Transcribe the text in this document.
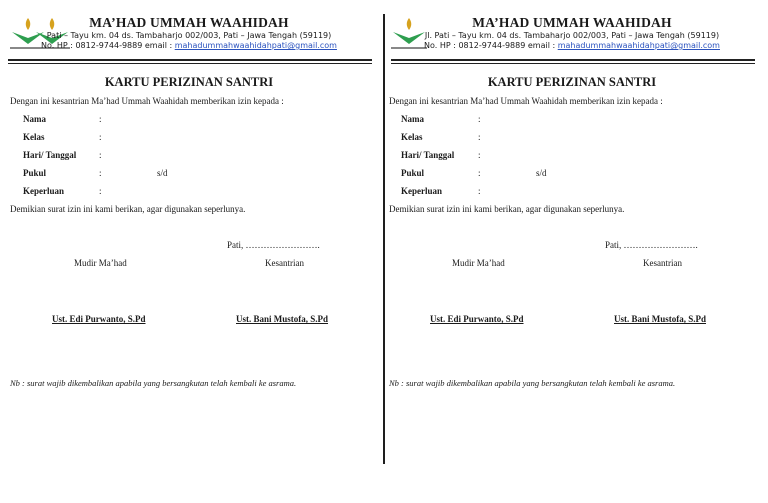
MA’HAD UMMAH WAAHIDAH
Pati – Tayu km. 04 ds. Tambaharjo 002/003, Pati – Jawa Tengah (59119)
No. HP : 0812-9744-9889 email : mahadummahwaahidahpati@gmail.com
KARTU PERIZINAN SANTRI
Dengan ini kesantrian Ma’had Ummah Waahidah memberikan izin kepada :
Nama	:
Kelas	:
Hari/ Tanggal	:
Pukul	:	s/d
Keperluan	:
Demikian surat izin ini kami berikan, agar digunakan seperlunya.
Pati, …………………….
Mudir Ma’had	Kesantrian
Ust. Edi Purwanto, S.Pd	Ust. Bani Mustofa, S.Pd
Nb : surat wajib dikembalikan apabila yang bersangkutan telah kembali ke asrama.
MA’HAD UMMAH WAAHIDAH
Jl. Pati – Tayu km. 04 ds. Tambaharjo 002/003, Pati – Jawa Tengah (59119)
No. HP : 0812-9744-9889 email : mahadummahwaahidahpati@gmail.com
KARTU PERIZINAN SANTRI
Dengan ini kesantrian Ma’had Ummah Waahidah memberikan izin kepada :
Nama	:
Kelas	:
Hari/ Tanggal	:
Pukul	:	s/d
Keperluan	:
Demikian surat izin ini kami berikan, agar digunakan seperlunya.
Pati, …………………….
Mudir Ma’had	Kesantrian
Ust. Edi Purwanto, S.Pd	Ust. Bani Mustofa, S.Pd
Nb : surat wajib dikembalikan apabila yang bersangkutan telah kembali ke asrama.
